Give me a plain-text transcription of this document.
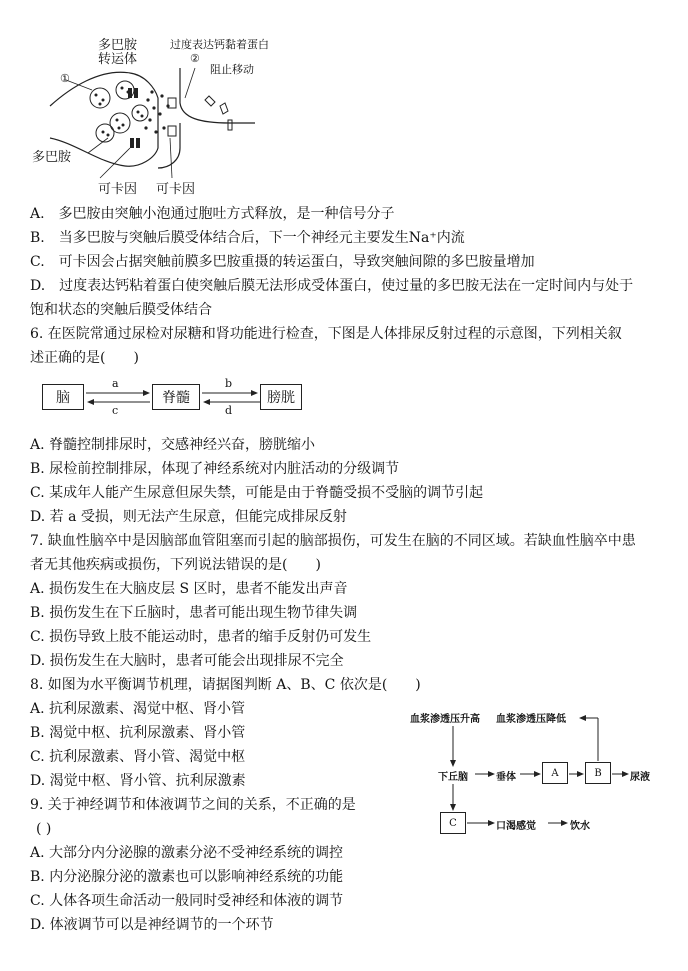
多巴胺
转运体
过度表达钙黏着蛋白
②
阻止移动
①
多巴胺
可卡因 可卡因
A.　多巴胺由突触小泡通过胞吐方式释放，是一种信号分子
B.　当多巴胺与突触后膜受体结合后，下一个神经元主要发生Na⁺内流
C.　可卡因会占据突触前膜多巴胺重摄的转运蛋白，导致突触间隙的多巴胺量增加
D.　过度表达钙粘着蛋白使突触后膜无法形成受体蛋白，使过量的多巴胺无法在一定时间内与处于
饱和状态的突触后膜受体结合
6. 在医院常通过尿检对尿糖和肾功能进行检查，下图是人体排尿反射过程的示意图，下列相关叙
述正确的是(　　)
脑	脊髓	膀胱
a
c
b
d
A. 脊髓控制排尿时，交感神经兴奋，膀胱缩小
B. 尿检前控制排尿，体现了神经系统对内脏活动的分级调节
C. 某成年人能产生尿意但尿失禁，可能是由于脊髓受损不受脑的调节引起
D. 若 a 受损，则无法产生尿意，但能完成排尿反射
7. 缺血性脑卒中是因脑部血管阻塞而引起的脑部损伤，可发生在脑的不同区域。若缺血性脑卒中患
者无其他疾病或损伤，下列说法错误的是(　　)
A. 损伤发生在大脑皮层 S 区时，患者不能发出声音
B. 损伤发生在下丘脑时，患者可能出现生物节律失调
C. 损伤导致上肢不能运动时，患者的缩手反射仍可发生
D. 损伤发生在大脑时，患者可能会出现排尿不完全
8. 如图为水平衡调节机理，请据图判断 A、B、C 依次是(　　)
A. 抗利尿激素、渴觉中枢、肾小管
B. 渴觉中枢、抗利尿激素、肾小管
C. 抗利尿激素、肾小管、渴觉中枢
D. 渴觉中枢、肾小管、抗利尿激素
血浆渗透压升高 血浆渗透压降低
下丘脑	垂体	A	B	尿液
C	口渴感觉	饮水
9. 关于神经调节和体液调节之间的关系，不正确的是
( )
A. 大部分内分泌腺的激素分泌不受神经系统的调控
B. 内分泌腺分泌的激素也可以影响神经系统的功能
C. 人体各项生命活动一般同时受神经和体液的调节
D. 体液调节可以是神经调节的一个环节
